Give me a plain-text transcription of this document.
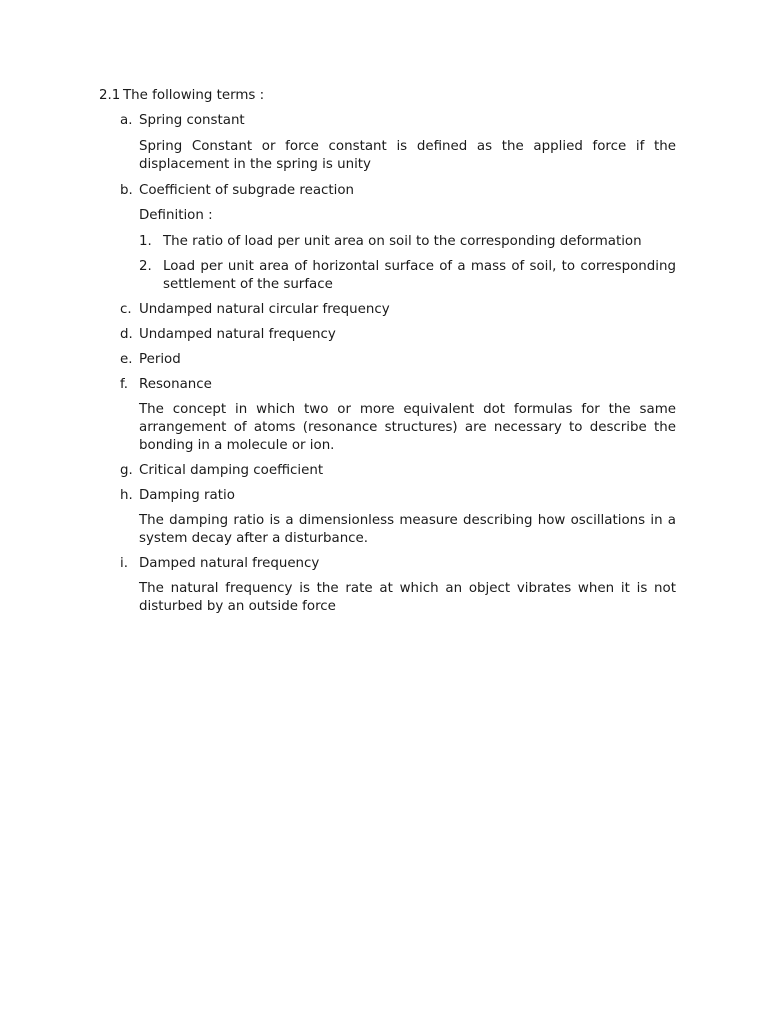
2.1 The following terms :
a. Spring constant
Spring Constant or force constant is defined as the applied force if the displacement in the spring is unity
b. Coefficient of subgrade reaction
Definition :
1. The ratio of load per unit area on soil to the corresponding deformation
2. Load per unit area of horizontal surface of a mass of soil, to corresponding settlement of the surface
c. Undamped natural circular frequency
d. Undamped natural frequency
e. Period
f. Resonance
The concept in which two or more equivalent dot formulas for the same arrangement of atoms (resonance structures) are necessary to describe the bonding in a molecule or ion.
g. Critical damping coefficient
h. Damping ratio
The damping ratio is a dimensionless measure describing how oscillations in a system decay after a disturbance.
i. Damped natural frequency
The natural frequency is the rate at which an object vibrates when it is not disturbed by an outside force
